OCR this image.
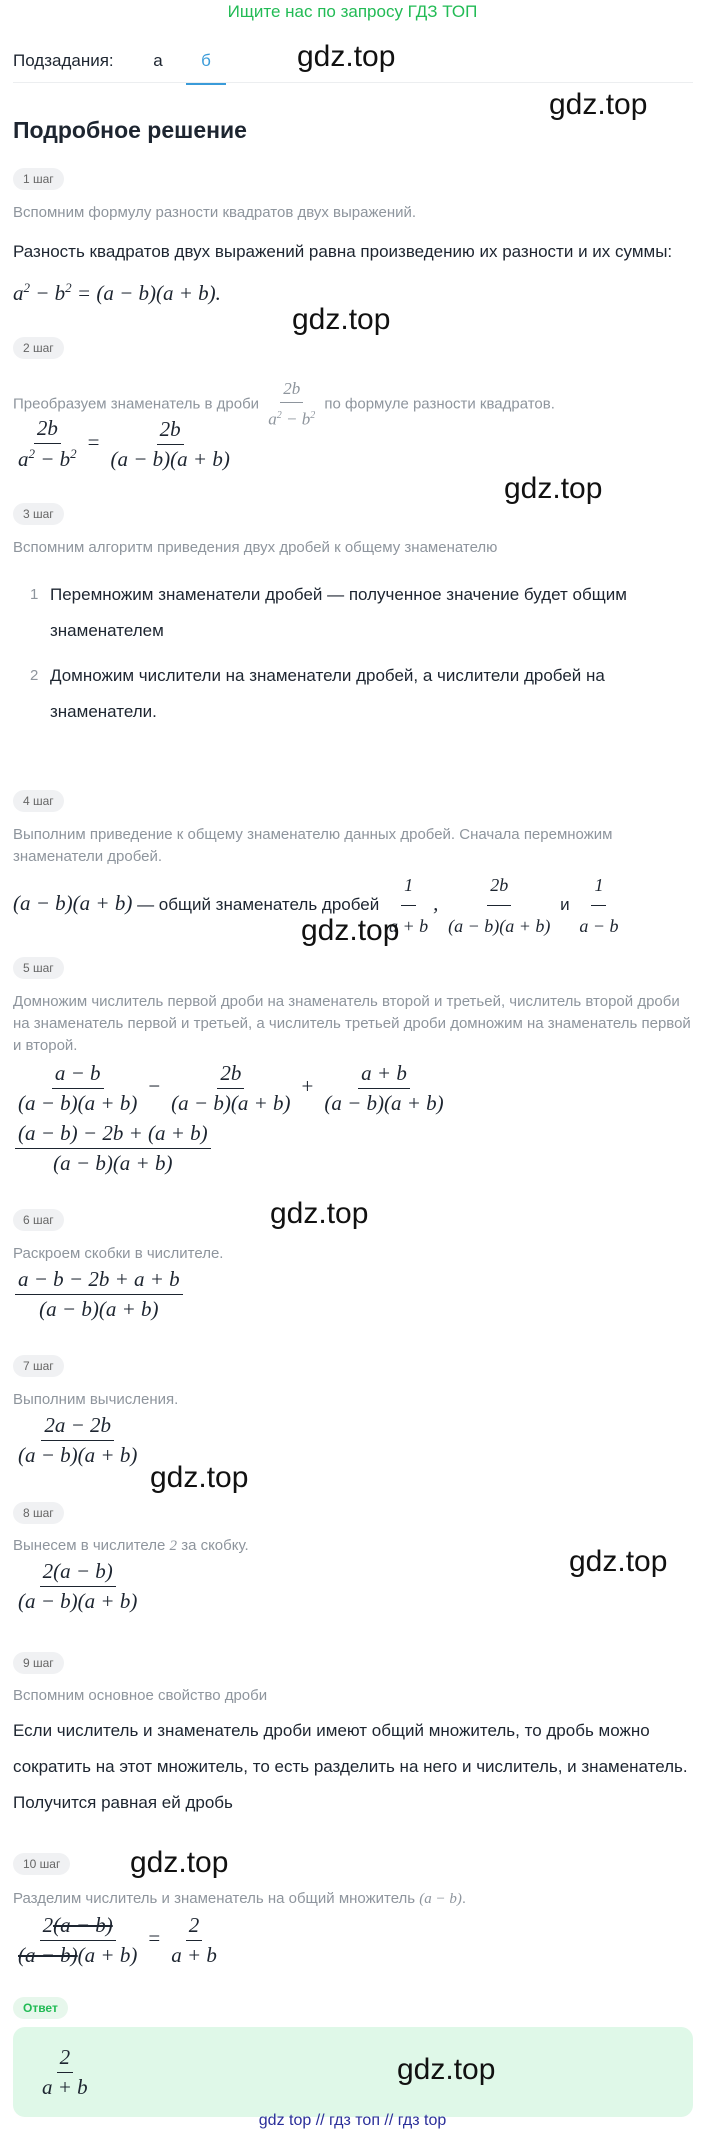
Ищите нас по запросу ГДЗ ТОП
Подзадания:	а	б	gdz.top
gdz.top
Подробное решение
1 шаг
Вспомним формулу разности квадратов двух выражений.
Разность квадратов двух выражений равна произведению их разности и их суммы: $a^2 - b^2 = (a - b)(a + b)$.
gdz.top
2 шаг
Преобразуем знаменатель в дроби $\frac{2b}{a^2 - b^2}$ по формуле разности квадратов.
$\frac{2b}{a^2 - b^2} = \frac{2b}{(a - b)(a + b)}$
gdz.top
3 шаг
Вспомним алгоритм приведения двух дробей к общему знаменателю
1 Перемножим знаменатели дробей — полученное значение будет общим знаменателем
2 Домножим числители на знаменатели дробей, а числители дробей на знаменатели.
4 шаг
Выполним приведение к общему знаменателю данных дробей. Сначала перемножим знаменатели дробей.
(a − b)(a + b) — общий знаменатель дробей $\frac{1}{a + b}$ , $\frac{2b}{(a - b)(a + b)}$ и $\frac{1}{a - b}$
gdz.top
5 шаг
Домножим числитель первой дроби на знаменатель второй и третьей, числитель второй дроби на знаменатель первой и третьей, а числитель третьей дроби домножим на знаменатель первой и второй.
$\frac{a - b}{(a - b)(a + b)} - \frac{2b}{(a - b)(a + b)} + \frac{a + b}{(a - b)(a + b)}$
$\frac{(a - b) - 2b + (a + b)}{(a - b)(a + b)}$
gdz.top
6 шаг
Раскроем скобки в числителе.
$\frac{a - b - 2b + a + b}{(a - b)(a + b)}$
7 шаг
Выполним вычисления.
$\frac{2a - 2b}{(a - b)(a + b)}$
gdz.top
8 шаг
Вынесем в числителе 2 за скобку.
$\frac{2(a - b)}{(a - b)(a + b)}$	gdz.top
9 шаг
Вспомним основное свойство дроби
Если числитель и знаменатель дроби имеют общий множитель, то дробь можно сократить на этот множитель, то есть разделить на него и числитель, и знаменатель. Получится равная ей дробь
10 шаг	gdz.top
Разделим числитель и знаменатель на общий множитель (a − b).
$\frac{2(a - b)}{(a - b)(a + b)} = \frac{2}{a + b}$
Ответ
$\frac{2}{a + b}$	gdz.top
gdz top // гдз топ // гдз top
